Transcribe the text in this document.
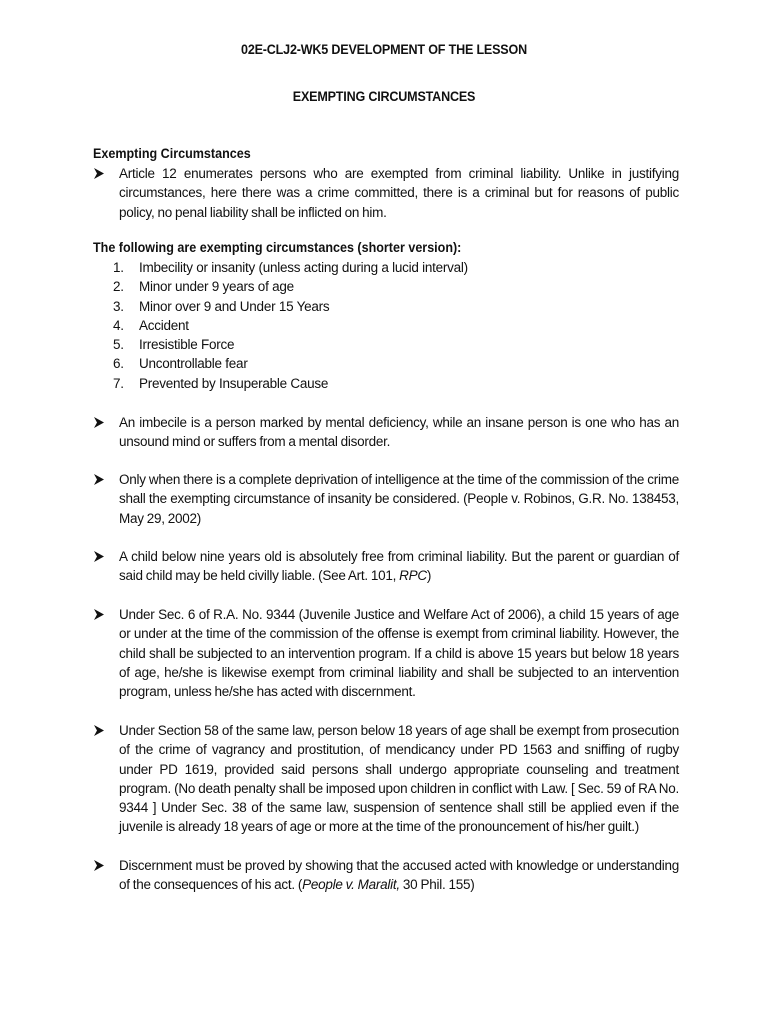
02E-CLJ2-WK5 DEVELOPMENT OF THE LESSON
EXEMPTING CIRCUMSTANCES
Exempting Circumstances
Article 12 enumerates persons who are exempted from criminal liability. Unlike in justifying circumstances, here there was a crime committed, there is a criminal but for reasons of public policy, no penal liability shall be inflicted on him.
The following are exempting circumstances (shorter version):
1. Imbecility or insanity (unless acting during a lucid interval)
2. Minor under 9 years of age
3. Minor over 9 and Under 15 Years
4. Accident
5. Irresistible Force
6. Uncontrollable fear
7. Prevented by Insuperable Cause
An imbecile is a person marked by mental deficiency, while an insane person is one who has an unsound mind or suffers from a mental disorder.
Only when there is a complete deprivation of intelligence at the time of the commission of the crime shall the exempting circumstance of insanity be considered. (People v. Robinos, G.R. No. 138453, May 29, 2002)
A child below nine years old is absolutely free from criminal liability. But the parent or guardian of said child may be held civilly liable. (See Art. 101, RPC)
Under Sec. 6 of R.A. No. 9344 (Juvenile Justice and Welfare Act of 2006), a child 15 years of age or under at the time of the commission of the offense is exempt from criminal liability. However, the child shall be subjected to an intervention program. If a child is above 15 years but below 18 years of age, he/she is likewise exempt from criminal liability and shall be subjected to an intervention program, unless he/she has acted with discernment.
Under Section 58 of the same law, person below 18 years of age shall be exempt from prosecution of the crime of vagrancy and prostitution, of mendicancy under PD 1563 and sniffing of rugby under PD 1619, provided said persons shall undergo appropriate counseling and treatment program. (No death penalty shall be imposed upon children in conflict with Law. [ Sec. 59 of RA No. 9344 ] Under Sec. 38 of the same law, suspension of sentence shall still be applied even if the juvenile is already 18 years of age or more at the time of the pronouncement of his/her guilt.)
Discernment must be proved by showing that the accused acted with knowledge or understanding of the consequences of his act. (People v. Maralit, 30 Phil. 155)
